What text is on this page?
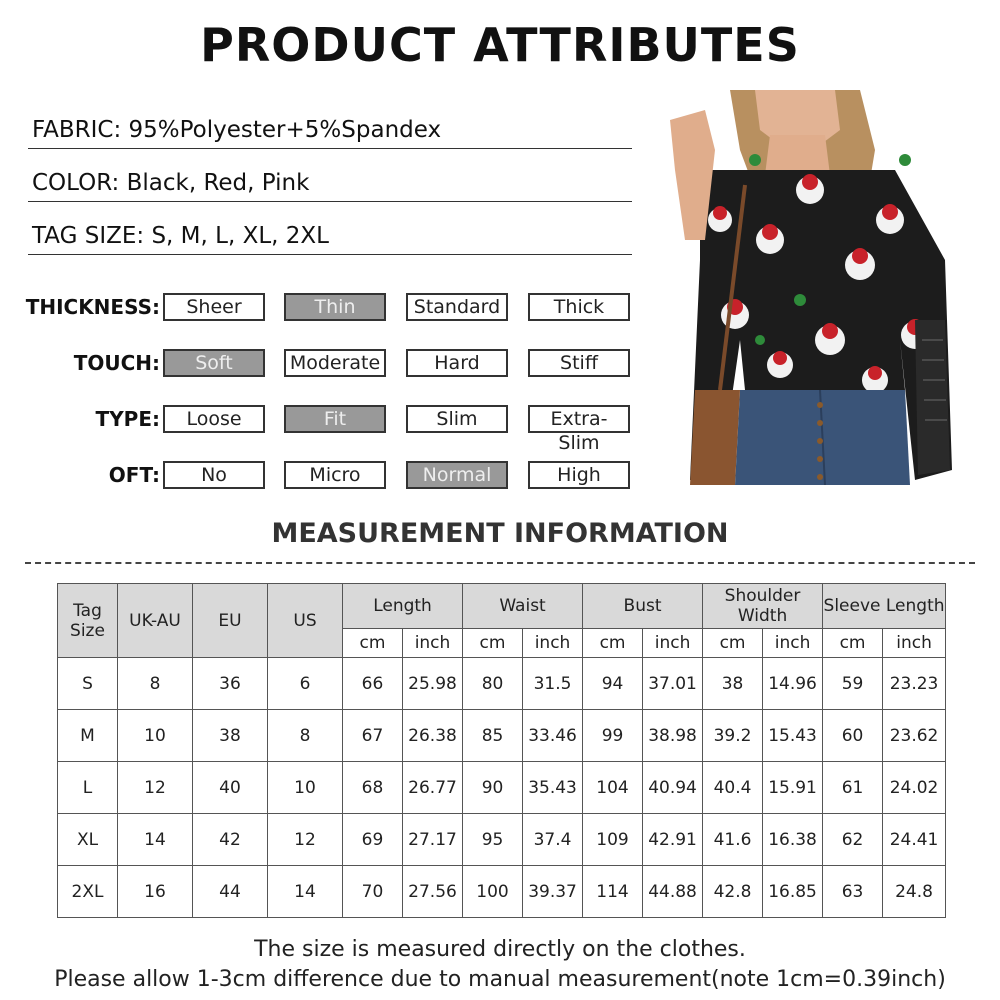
PRODUCT ATTRIBUTES
FABRIC: 95%Polyester+5%Spandex
COLOR: Black, Red, Pink
TAG SIZE: S, M, L, XL, 2XL
THICKNESS:	Sheer	Thin	Standard	Thick
TOUCH:	Soft	Moderate	Hard	Stiff
TYPE:	Loose	Fit	Slim	Extra-Slim
OFT:	No	Micro	Normal	High
MEASUREMENT INFORMATION
Tag Size	UK-AU	EU	US	Length		Waist		Bust		Shoulder Width		Sleeve Length	
				cm	inch	cm	inch	cm	inch	cm	inch	cm	inch
S	8	36	6	66	25.98	80	31.5	94	37.01	38	14.96	59	23.23
M	10	38	8	67	26.38	85	33.46	99	38.98	39.2	15.43	60	23.62
L	12	40	10	68	26.77	90	35.43	104	40.94	40.4	15.91	61	24.02
XL	14	42	12	69	27.17	95	37.4	109	42.91	41.6	16.38	62	24.41
2XL	16	44	14	70	27.56	100	39.37	114	44.88	42.8	16.85	63	24.8
The size is measured directly on the clothes.
Please allow 1-3cm difference due to manual measurement(note 1cm=0.39inch)
